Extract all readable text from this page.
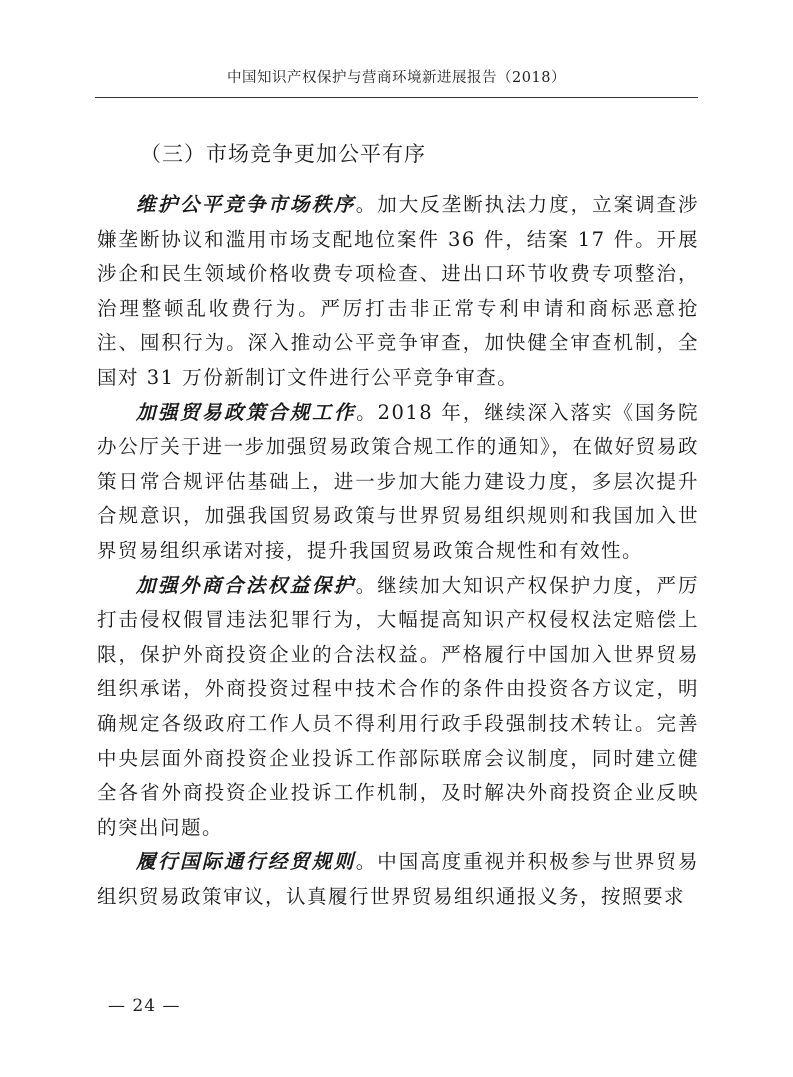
中国知识产权保护与营商环境新进展报告（2018）
（三）市场竞争更加公平有序

维护公平竞争市场秩序。加大反垄断执法力度，立案调查涉嫌垄断协议和滥用市场支配地位案件 36 件，结案 17 件。开展涉企和民生领域价格收费专项检查、进出口环节收费专项整治，治理整顿乱收费行为。严厉打击非正常专利申请和商标恶意抢注、囤积行为。深入推动公平竞争审查，加快健全审查机制，全国对 31 万份新制订文件进行公平竞争审查。

加强贸易政策合规工作。2018 年，继续深入落实《国务院办公厅关于进一步加强贸易政策合规工作的通知》，在做好贸易政策日常合规评估基础上，进一步加大能力建设力度，多层次提升合规意识，加强我国贸易政策与世界贸易组织规则和我国加入世界贸易组织承诺对接，提升我国贸易政策合规性和有效性。

加强外商合法权益保护。继续加大知识产权保护力度，严厉打击侵权假冒违法犯罪行为，大幅提高知识产权侵权法定赔偿上限，保护外商投资企业的合法权益。严格履行中国加入世界贸易组织承诺，外商投资过程中技术合作的条件由投资各方议定，明确规定各级政府工作人员不得利用行政手段强制技术转让。完善中央层面外商投资企业投诉工作部际联席会议制度，同时建立健全各省外商投资企业投诉工作机制，及时解决外商投资企业反映的突出问题。

履行国际通行经贸规则。中国高度重视并积极参与世界贸易组织贸易政策审议，认真履行世界贸易组织通报义务，按照要求

— 24 —
